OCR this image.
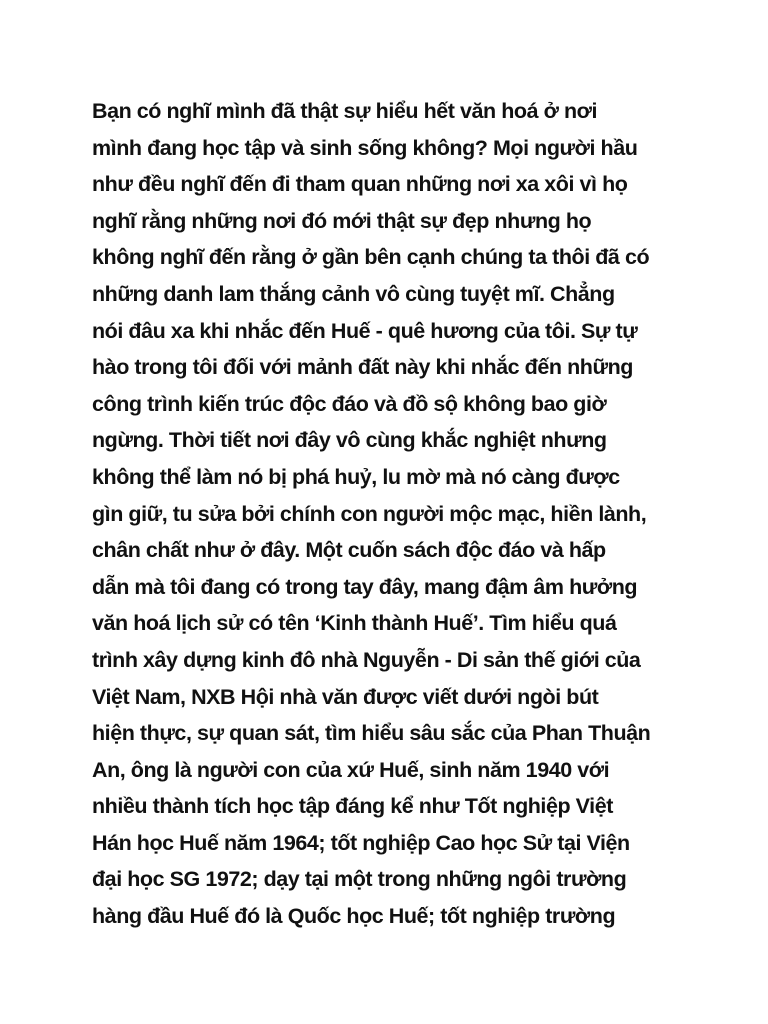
Bạn có nghĩ mình đã thật sự hiểu hết văn hoá ở nơi
mình đang học tập và sinh sống không? Mọi người hầu
như đều nghĩ đến đi tham quan những nơi xa xôi vì họ
nghĩ rằng những nơi đó mới thật sự đẹp nhưng họ
không nghĩ đến rằng ở gần bên cạnh chúng ta thôi đã có
những danh lam thắng cảnh vô cùng tuyệt mĩ. Chẳng
nói đâu xa khi nhắc đến Huế - quê hương của tôi. Sự tự
hào trong tôi đối với mảnh đất này khi nhắc đến những
công trình kiến trúc độc đáo và đồ sộ không bao giờ
ngừng. Thời tiết nơi đây vô cùng khắc nghiệt nhưng
không thể làm nó bị phá huỷ, lu mờ mà nó càng được
gìn giữ, tu sửa bởi chính con người mộc mạc, hiền lành,
chân chất như ở đây. Một cuốn sách độc đáo và hấp
dẫn mà tôi đang có trong tay đây, mang đậm âm hưởng
văn hoá lịch sử có tên ‘Kinh thành Huế’. Tìm hiểu quá
trình xây dựng kinh đô nhà Nguyễn - Di sản thế giới của
Việt Nam, NXB Hội nhà văn được viết dưới ngòi bút
hiện thực, sự quan sát, tìm hiểu sâu sắc của Phan Thuận
An, ông là người con của xứ Huế, sinh năm 1940 với
nhiều thành tích học tập đáng kể như Tốt nghiệp Việt
Hán học Huế năm 1964; tốt nghiệp Cao học Sử tại Viện
đại học SG 1972; dạy tại một trong những ngôi trường
hàng đầu Huế đó là Quốc học Huế; tốt nghiệp trường
